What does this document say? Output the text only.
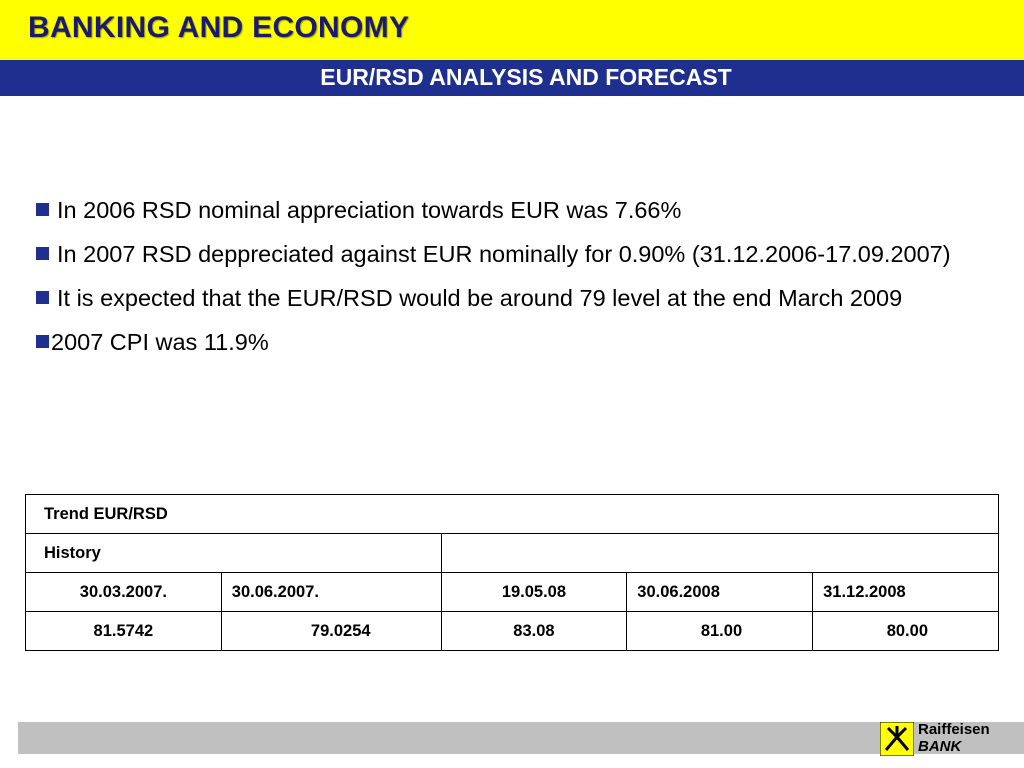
BANKING AND ECONOMY
EUR/RSD ANALYSIS AND FORECAST
In 2006 RSD nominal appreciation towards EUR was 7.66%
In 2007 RSD deppreciated against EUR nominally for 0.90% (31.12.2006-17.09.2007)
It is expected that the EUR/RSD would be around 79 level at the end March 2009
2007 CPI was 11.9%
Trend EUR/RSD				
History				
30.03.2007.	30.06.2007.	19.05.08	30.06.2008	31.12.2008
81.5742	79.0254	83.08	81.00	80.00
Raiffeisen
BANK
